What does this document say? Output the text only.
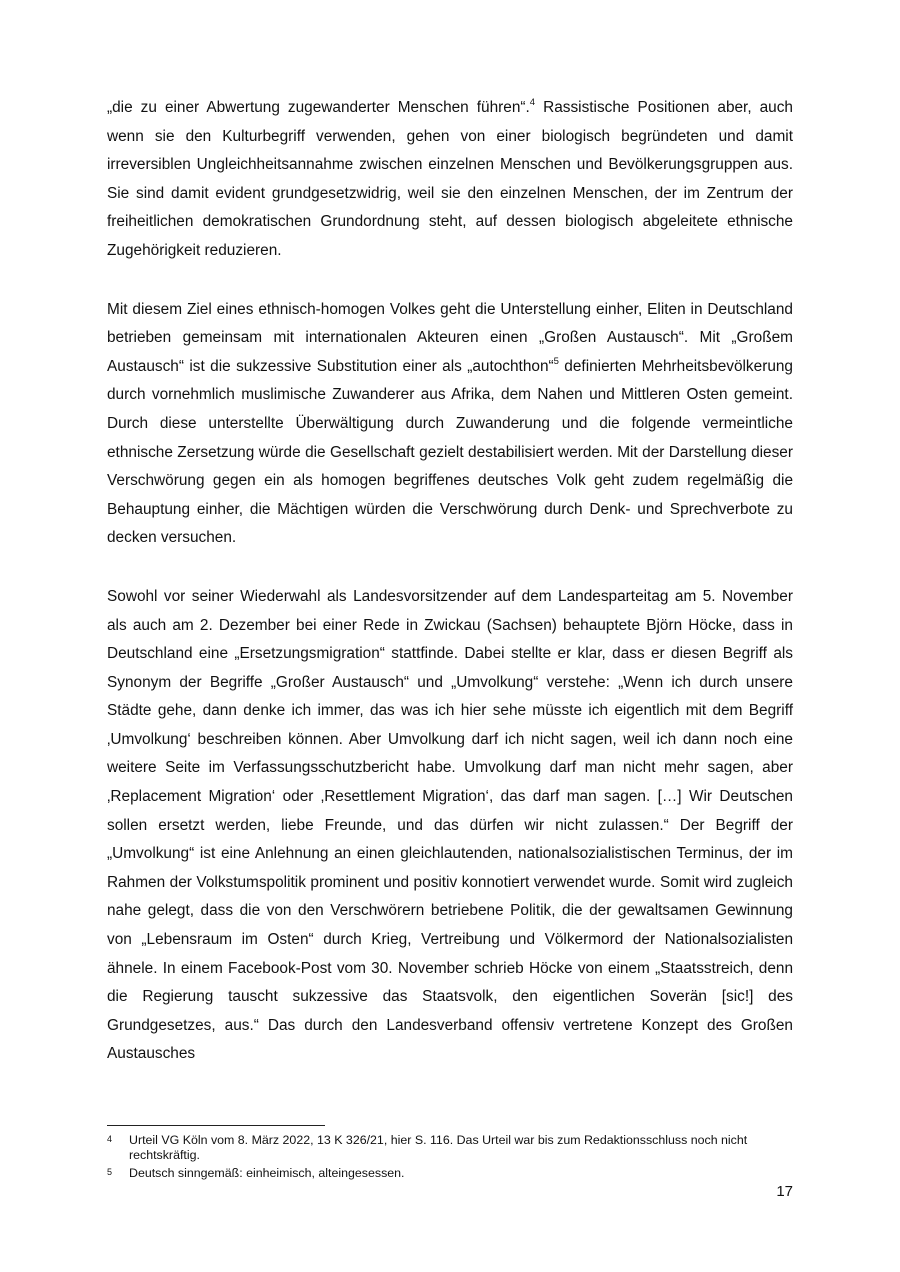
„die zu einer Abwertung zugewanderter Menschen führen“.$^4$ Rassistische Positionen aber, auch wenn sie den Kulturbegriff verwenden, gehen von einer biologisch begründeten und damit irreversiblen Ungleichheitsannahme zwischen einzelnen Menschen und Bevölkerungsgruppen aus. Sie sind damit evident grundgesetzwidrig, weil sie den einzelnen Menschen, der im Zentrum der freiheitlichen demokratischen Grundordnung steht, auf dessen biologisch abgeleitete ethnische Zugehörigkeit reduzieren.

Mit diesem Ziel eines ethnisch-homogen Volkes geht die Unterstellung einher, Eliten in Deutschland betrieben gemeinsam mit internationalen Akteuren einen „Großen Austausch“. Mit „Großem Austausch“ ist die sukzessive Substitution einer als „autochthon“$^5$ definierten Mehrheitsbevölkerung durch vornehmlich muslimische Zuwanderer aus Afrika, dem Nahen und Mittleren Osten gemeint. Durch diese unterstellte Überwältigung durch Zuwanderung und die folgende vermeintliche ethnische Zersetzung würde die Gesellschaft gezielt destabilisiert werden. Mit der Darstellung dieser Verschwörung gegen ein als homogen begriffenes deutsches Volk geht zudem regelmäßig die Behauptung einher, die Mächtigen würden die Verschwörung durch Denk- und Sprechverbote zu decken versuchen.

Sowohl vor seiner Wiederwahl als Landesvorsitzender auf dem Landesparteitag am 5. November als auch am 2. Dezember bei einer Rede in Zwickau (Sachsen) behauptete Björn Höcke, dass in Deutschland eine „Ersetzungsmigration“ stattfinde. Dabei stellte er klar, dass er diesen Begriff als Synonym der Begriffe „Großer Austausch“ und „Umvolkung“ verstehe: „Wenn ich durch unsere Städte gehe, dann denke ich immer, das was ich hier sehe müsste ich eigentlich mit dem Begriff ‚Umvolkung‘ beschreiben können. Aber Umvolkung darf ich nicht sagen, weil ich dann noch eine weitere Seite im Verfassungsschutzbericht habe. Umvolkung darf man nicht mehr sagen, aber ‚Replacement Migration‘ oder ‚Resettlement Migration‘, das darf man sagen. […] Wir Deutschen sollen ersetzt werden, liebe Freunde, und das dürfen wir nicht zulassen.“ Der Begriff der „Umvolkung“ ist eine Anlehnung an einen gleichlautenden, nationalsozialistischen Terminus, der im Rahmen der Volkstumspolitik prominent und positiv konnotiert verwendet wurde. Somit wird zugleich nahe gelegt, dass die von den Verschwörern betriebene Politik, die der gewaltsamen Gewinnung von „Lebensraum im Osten“ durch Krieg, Vertreibung und Völkermord der Nationalsozialisten ähnele. In einem Facebook-Post vom 30. November schrieb Höcke von einem „Staatsstreich, denn die Regierung tauscht sukzessive das Staatsvolk, den eigentlichen Soverän [sic!] des Grundgesetzes, aus.“ Das durch den Landesverband offensiv vertretene Konzept des Großen Austausches

4	Urteil VG Köln vom 8. März 2022, 13 K 326/21, hier S. 116. Das Urteil war bis zum Redaktionsschluss noch nicht rechtskräftig.
5	Deutsch sinngemäß: einheimisch, alteingesessen.
17
